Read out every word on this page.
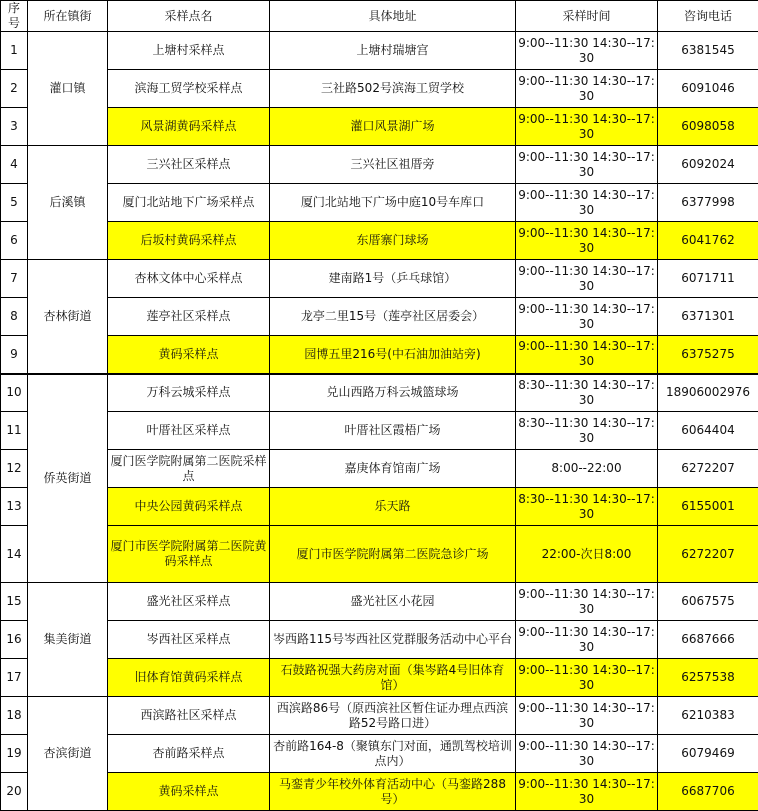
序号	所在镇街	采样点名	具体地址	采样时间	咨询电话
1	灌口镇	上塘村采样点	上塘村瑞塘宫	9:00--11:30 14:30--17:30	6381545
2		滨海工贸学校采样点	三社路502号滨海工贸学校	9:00--11:30 14:30--17:30	6091046
3		风景湖黄码采样点	灌口风景湖广场	9:00--11:30 14:30--17:30	6098058
4	后溪镇	三兴社区采样点	三兴社区祖厝旁	9:00--11:30 14:30--17:30	6092024
5		厦门北站地下广场采样点	厦门北站地下广场中庭10号车库口	9:00--11:30 14:30--17:30	6377998
6		后坂村黄码采样点	东厝寨门球场	9:00--11:30 14:30--17:30	6041762
7	杏林街道	杏林文体中心采样点	建南路1号（乒乓球馆）	9:00--11:30 14:30--17:30	6071711
8		莲亭社区采样点	龙亭二里15号（莲亭社区居委会）	9:00--11:30 14:30--17:30	6371301
9		黄码采样点	园博五里216号(中石油加油站旁)	9:00--11:30 14:30--17:30	6375275
10	侨英街道	万科云城采样点	兑山西路万科云城篮球场	8:30--11:30 14:30--17:30	18906002976
11		叶厝社区采样点	叶厝社区霞梧广场	8:30--11:30 14:30--17:30	6064404
12		厦门医学院附属第二医院采样点	嘉庚体育馆南广场	8:00--22:00	6272207
13		中央公园黄码采样点	乐天路	8:30--11:30 14:30--17:30	6155001
14		厦门市医学院附属第二医院黄码采样点	厦门市医学院附属第二医院急诊广场	22:00-次日8:00	6272207
15	集美街道	盛光社区采样点	盛光社区小花园	9:00--11:30 14:30--17:30	6067575
16		岑西社区采样点	岑西路115号岑西社区党群服务活动中心平台	9:00--11:30 14:30--17:30	6687666
17		旧体育馆黄码采样点	石鼓路祝强大药房对面（集岑路4号旧体育馆）	9:00--11:30 14:30--17:30	6257538
18	杏滨街道	西滨路社区采样点	西滨路86号（原西滨社区暂住证办理点西滨路52号路口进）	9:00--11:30 14:30--17:30	6210383
19		杏前路采样点	杏前路164-8（聚镇东门对面，通凯驾校培训点内）	9:00--11:30 14:30--17:30	6079469
20		黄码采样点	马銮青少年校外体育活动中心（马銮路288号）	9:00--11:30 14:30--17:30	6687706
